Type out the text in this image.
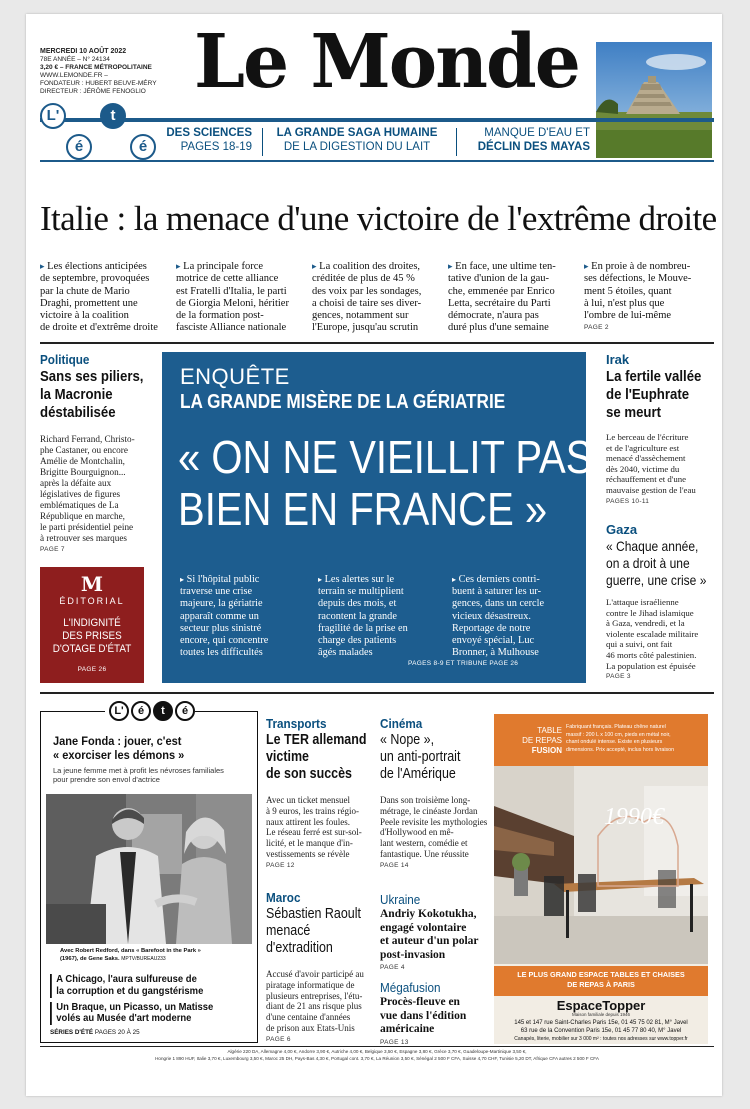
MERCREDI 10 AOÛT 2022
78E ANNÉE – N° 24134
3,20 € – FRANCE MÉTROPOLITAINE
WWW.LEMONDE.FR –
FONDATEUR : HUBERT BEUVE-MÉRY
DIRECTEUR : JÉRÔME FENOGLIO Le Monde
L'
é
t
é
DES SCIENCES
PAGES 18-19
LA GRANDE SAGA HUMAINE
DE LA DIGESTION DU LAIT
MANQUE D'EAU ET
DÉCLIN DES MAYAS
Italie : la menace d'une victoire de l'extrême droite
▸ Les élections anticipées
de septembre, provoquées
par la chute de Mario
Draghi, promettent une
victoire à la coalition
de droite et d'extrême droite
▸ La principale force
motrice de cette alliance
est Fratelli d'Italia, le parti
de Giorgia Meloni, héritier
de la formation post-
fasciste Alliance nationale
▸ La coalition des droites,
créditée de plus de 45 %
des voix par les sondages,
a choisi de taire ses diver-
gences, notamment sur
l'Europe, jusqu'au scrutin
▸ En face, une ultime ten-
tative d'union de la gau-
che, emmenée par Enrico
Letta, secrétaire du Parti
démocrate, n'aura pas
duré plus d'une semaine
▸ En proie à de nombreu-
ses défections, le Mouve-
ment 5 étoiles, quant
à lui, n'est plus que
l'ombre de lui-même
PAGE 2
Politique
Sans ses piliers,
la Macronie
déstabilisée
Richard Ferrand, Christo-
phe Castaner, ou encore
Amélie de Montchalin,
Brigitte Bourguignon...
après la défaite aux
législatives de figures
emblématiques de La
République en marche,
le parti présidentiel peine
à retrouver ses marques
PAGE 7
M
ÉDITORIAL
L'INDIGNITÉ
DES PRISES
D'OTAGE D'ÉTAT
PAGE 26
ENQUÊTE
LA GRANDE MISÈRE DE LA GÉRIATRIE
« ON NE VIEILLIT PAS
BIEN EN FRANCE »
▸ Si l'hôpital public
traverse une crise
majeure, la gériatrie
apparaît comme un
secteur plus sinistré
encore, qui concentre
toutes les difficultés
▸ Les alertes sur le
terrain se multiplient
depuis des mois, et
racontent la grande
fragilité de la prise en
charge des patients
âgés malades
▸ Ces derniers contri-
buent à saturer les ur-
gences, dans un cercle
vicieux désastreux.
Reportage de notre
envoyé spécial, Luc
Bronner, à Mulhouse
PAGES 8-9 ET TRIBUNE PAGE 26
Irak
La fertile vallée
de l'Euphrate
se meurt
Le berceau de l'écriture
et de l'agriculture est
menacé d'assèchement
dès 2040, victime du
réchauffement et d'une
mauvaise gestion de l'eau
PAGES 10-11
Gaza
« Chaque année,
on a droit à une
guerre, une crise »
L'attaque israélienne
contre le Jihad islamique
à Gaza, vendredi, et la
violente escalade militaire
qui a suivi, ont fait
46 morts côté palestinien.
La population est épuisée
PAGE 3
L'	é	t	é
Jane Fonda : jouer, c'est
« exorciser les démons »
La jeune femme met à profit les névroses familiales
pour prendre son envol d'actrice
Avec Robert Redford, dans « Barefoot in the Park »
(1967), de Gene Saks. MPTV/BUREAU233
A Chicago, l'aura sulfureuse de
la corruption et du gangstérisme
Un Braque, un Picasso, un Matisse
volés au Musée d'art moderne
SÉRIES D'ÉTÉ PAGES 20 À 25
Transports
Le TER allemand
victime
de son succès
Avec un ticket mensuel
à 9 euros, les trains régio-
naux attirent les foules.
Le réseau ferré est sur-sol-
licité, et le manque d'in-
vestissements se révèle
PAGE 12
Maroc
Sébastien Raoult
menacé
d'extradition
Accusé d'avoir participé au
piratage informatique de
plusieurs entreprises, l'étu-
diant de 21 ans risque plus
d'une centaine d'années
de prison aux Etats-Unis
PAGE 6
Cinéma
« Nope »,
un anti-portrait
de l'Amérique
Dans son troisième long-
métrage, le cinéaste Jordan
Peele revisite les mythologies
d'Hollywood en mê-
lant western, comédie et
fantastique. Une réussite
PAGE 14
Ukraine
Andriy Kokotukha,
engagé volontaire
et auteur d'un polar
post-invasion
PAGE 4
Mégafusion
Procès-fleuve en
vue dans l'édition
américaine
PAGE 13
TABLE
DE REPAS
FUSION
Fabriquant français. Plateau chêne naturel
massif : 200 L x 100 cm, pieds en métal noir,
chant ondulé intense. Existe en plusieurs
dimensions. Prix accepté, inclus hors livraison
1990€
LE PLUS GRAND ESPACE TABLES ET CHAISES
DE REPAS À PARIS
EspaceTopper
Maison familiale depuis 1946
145 et 147 rue Saint-Charles Paris 15e, 01 45 75 02 81, M° Javel
63 rue de la Convention Paris 15e, 01 45 77 80 40, M° Javel
Canapés, literie, mobilier sur 3 000 m² : toutes nos adresses sur www.topper.fr
Algérie 220 DA, Allemagne 4,00 €, Andorre 3,90 €, Autriche 4,00 €, Belgique 3,50 €, Espagne 3,80 €, Grèce 3,70 €, Guadeloupe-Martinique 3,50 €,
Hongrie 1 890 HUF, Italie 3,70 €, Luxembourg 3,50 €, Maroc 25 DH, Pays-Bas 4,30 €, Portugal cont. 3,70 €, La Réunion 3,50 €, Sénégal 2 500 F CFA, Suisse 4,70 CHF, Tunisie 5,20 DT, Afrique CFA autres 2 500 F CFA
